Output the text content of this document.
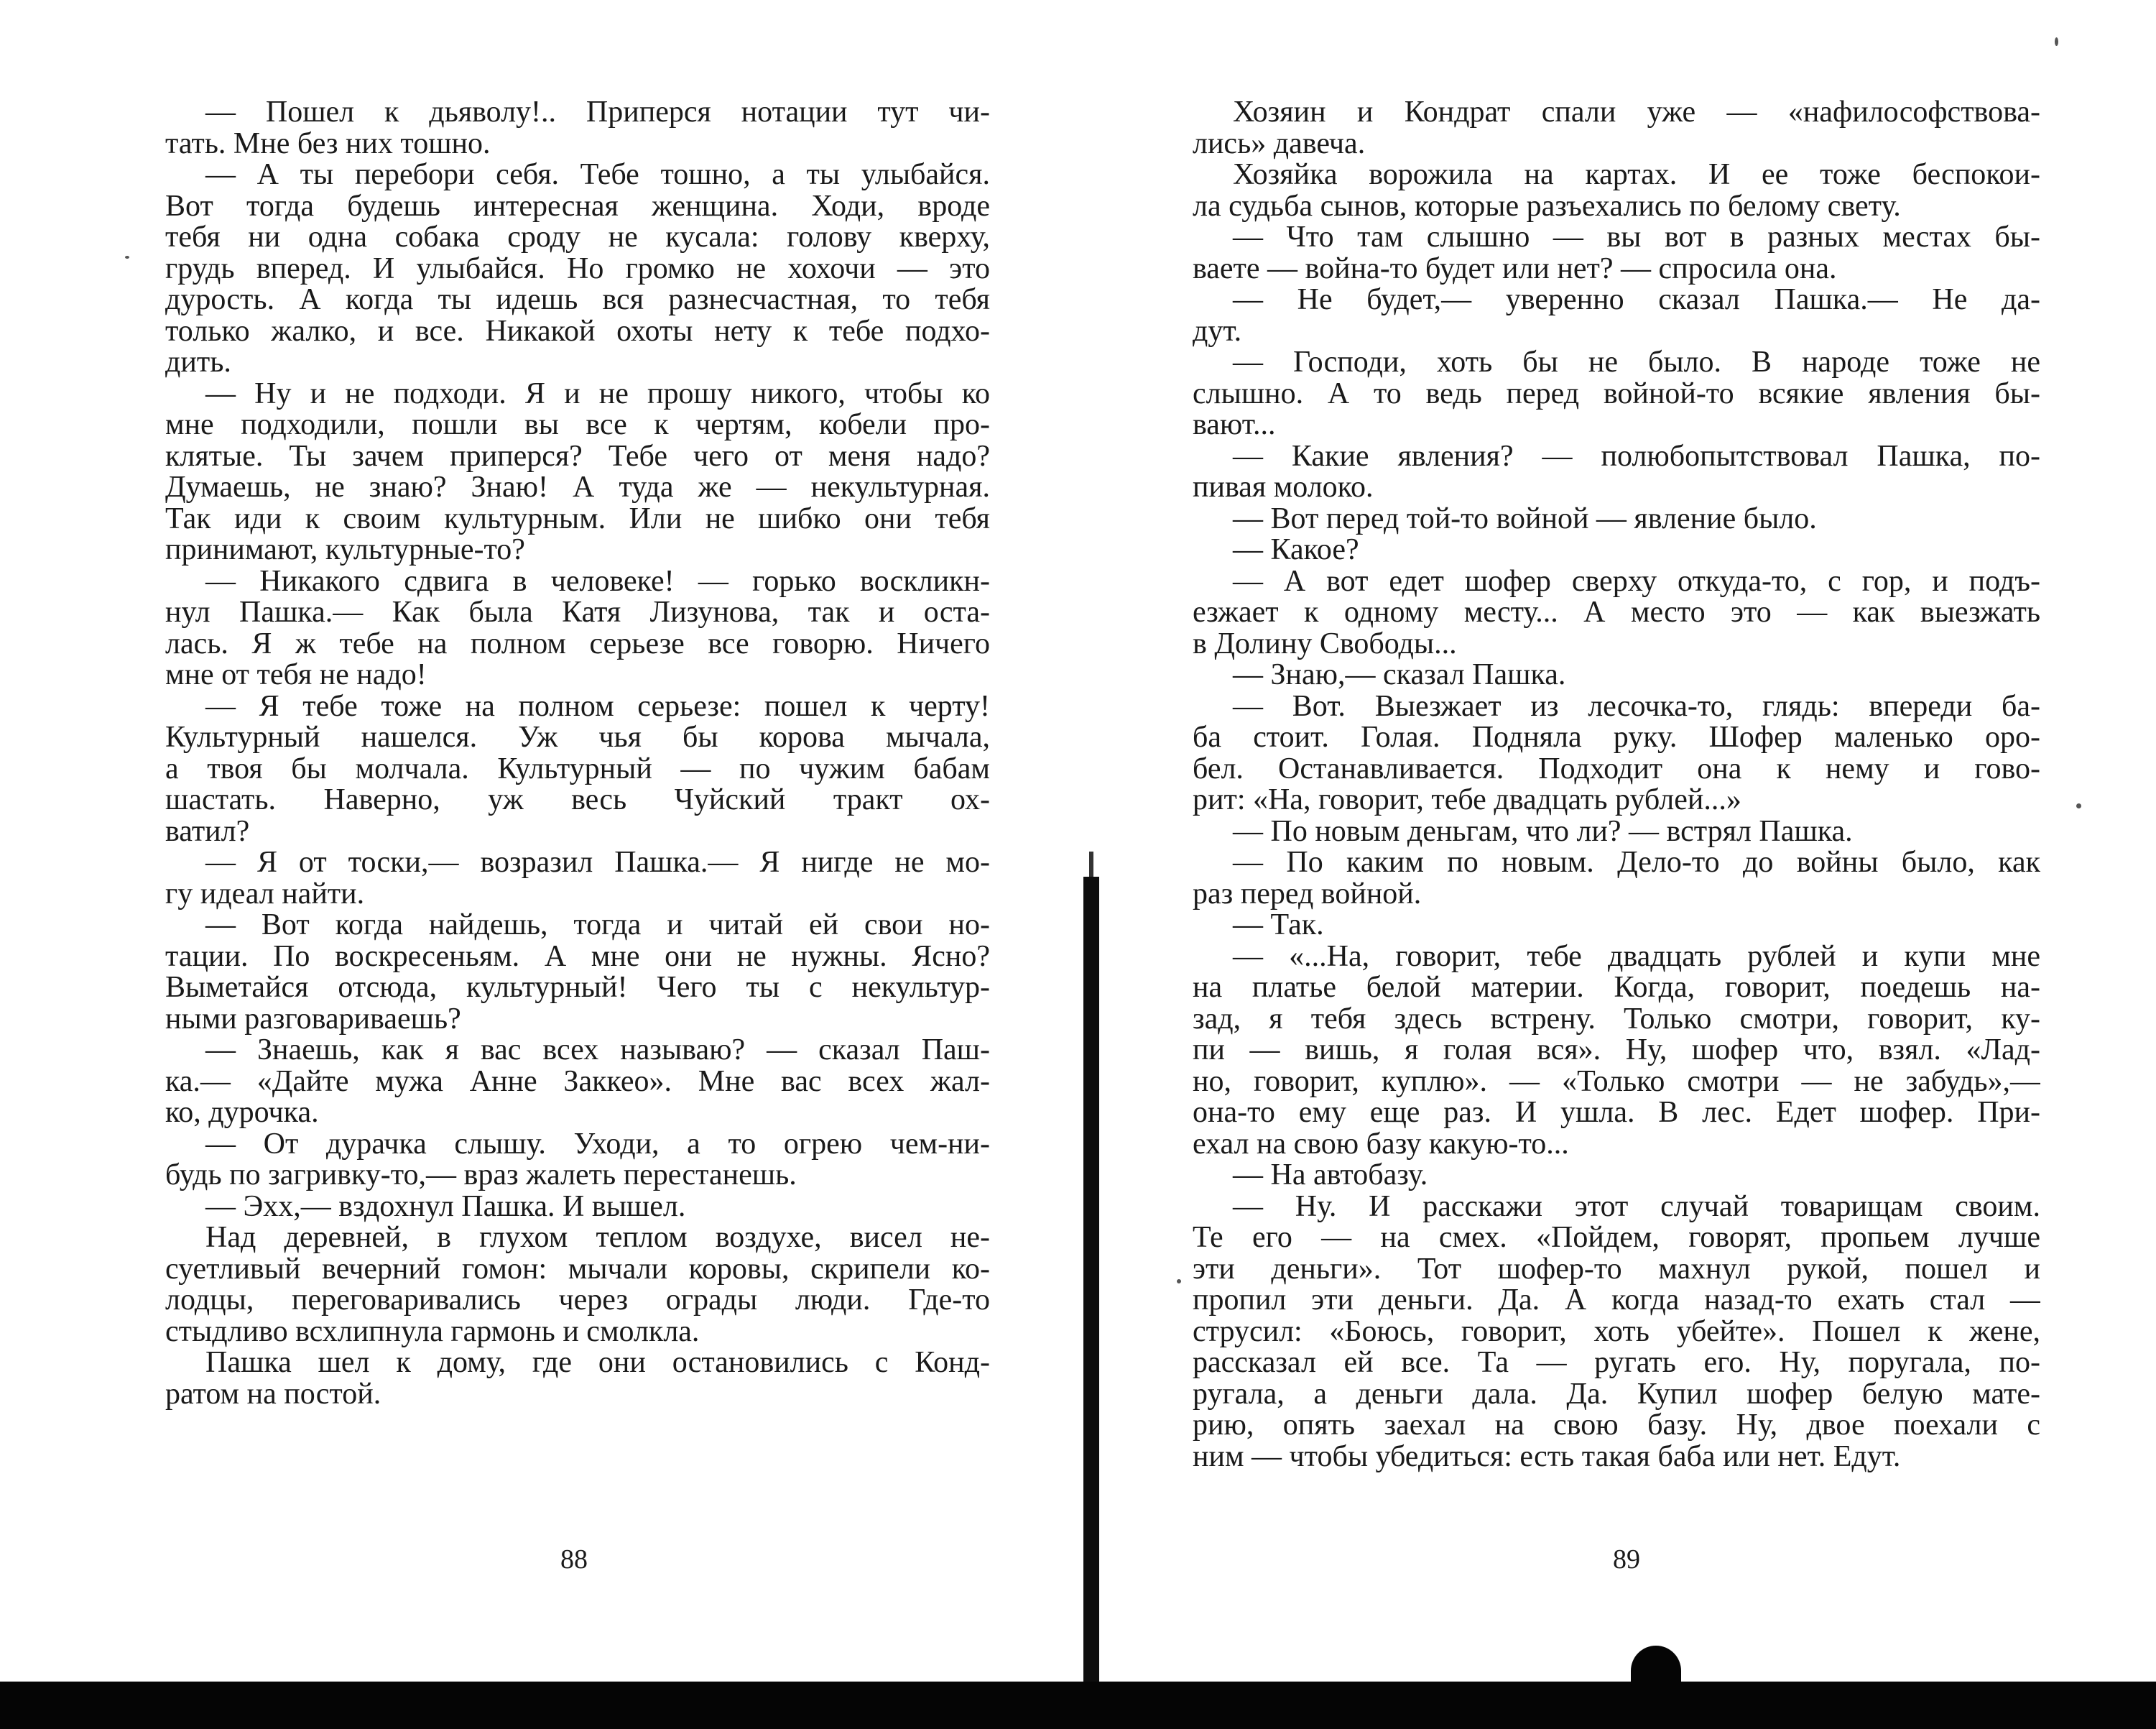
— Пошел к дьяволу!.. Приперся нотации тут чи-
тать. Мне без них тошно.
— А ты перебори себя. Тебе тошно, а ты улыбайся.
Вот тогда будешь интересная женщина. Ходи, вроде
тебя ни одна собака сроду не кусала: голову кверху,
грудь вперед. И улыбайся. Но громко не хохочи — это
дурость. А когда ты идешь вся разнесчастная, то тебя
только жалко, и все. Никакой охоты нету к тебе подхо-
дить.
— Ну и не подходи. Я и не прошу никого, чтобы ко
мне подходили, пошли вы все к чертям, кобели про-
клятые. Ты зачем приперся? Тебе чего от меня надо?
Думаешь, не знаю? Знаю! А туда же — некультурная.
Так иди к своим культурным. Или не шибко они тебя
принимают, культурные-то?
— Никакого сдвига в человеке! — горько воскликн-
нул Пашка.— Как была Катя Лизунова, так и оста-
лась. Я ж тебе на полном серьезе все говорю. Ничего
мне от тебя не надо!
— Я тебе тоже на полном серьезе: пошел к черту!
Культурный нашелся. Уж чья бы корова мычала,
а твоя бы молчала. Культурный — по чужим бабам
шастать. Наверно, уж весь Чуйский тракт ох-
ватил?
— Я от тоски,— возразил Пашка.— Я нигде не мо-
гу идеал найти.
— Вот когда найдешь, тогда и читай ей свои но-
тации. По воскресеньям. А мне они не нужны. Ясно?
Выметайся отсюда, культурный! Чего ты с некультур-
ными разговариваешь?
— Знаешь, как я вас всех называю? — сказал Паш-
ка.— «Дайте мужа Анне Заккео». Мне вас всех жал-
ко, дурочка.
— От дурачка слышу. Уходи, а то огрею чем-ни-
будь по загривку-то,— враз жалеть перестанешь.
— Эхх,— вздохнул Пашка. И вышел.
Над деревней, в глухом теплом воздухе, висел не-
суетливый вечерний гомон: мычали коровы, скрипели ко-
лодцы, переговаривались через ограды люди. Где-то
стыдливо всхлипнула гармонь и смолкла.
Пашка шел к дому, где они остановились с Конд-
ратом на постой.
Хозяин и Кондрат спали уже — «нафилософствова-
лись» давеча.
Хозяйка ворожила на картах. И ее тоже беспокои-
ла судьба сынов, которые разъехались по белому свету.
— Что там слышно — вы вот в разных местах бы-
ваете — война-то будет или нет? — спросила она.
— Не будет,— уверенно сказал Пашка.— Не да-
дут.
— Господи, хоть бы не было. В народе тоже не
слышно. А то ведь перед войной-то всякие явления бы-
вают...
— Какие явления? — полюбопытствовал Пашка, по-
пивая молоко.
— Вот перед той-то войной — явление было.
— Какое?
— А вот едет шофер сверху откуда-то, с гор, и подъ-
езжает к одному месту... А место это — как выезжать
в Долину Свободы...
— Знаю,— сказал Пашка.
— Вот. Выезжает из лесочка-то, глядь: впереди ба-
ба стоит. Голая. Подняла руку. Шофер маленько оро-
бел. Останавливается. Подходит она к нему и гово-
рит: «На, говорит, тебе двадцать рублей...»
— По новым деньгам, что ли? — встрял Пашка.
— По каким по новым. Дело-то до войны было, как
раз перед войной.
— Так.
— «...На, говорит, тебе двадцать рублей и купи мне
на платье белой материи. Когда, говорит, поедешь на-
зад, я тебя здесь встрену. Только смотри, говорит, ку-
пи — вишь, я голая вся». Ну, шофер что, взял. «Лад-
но, говорит, куплю». — «Только смотри — не забудь»,—
она-то ему еще раз. И ушла. В лес. Едет шофер. При-
ехал на свою базу какую-то...
— На автобазу.
— Ну. И расскажи этот случай товарищам своим.
Те его — на смех. «Пойдем, говорят, пропьем лучше
эти деньги». Тот шофер-то махнул рукой, пошел и
пропил эти деньги. Да. А когда назад-то ехать стал —
струсил: «Боюсь, говорит, хоть убейте». Пошел к жене,
рассказал ей все. Та — ругать его. Ну, поругала, по-
ругала, а деньги дала. Да. Купил шофер белую мате-
рию, опять заехал на свою базу. Ну, двое поехали с
ним — чтобы убедиться: есть такая баба или нет. Едут.
88	89
